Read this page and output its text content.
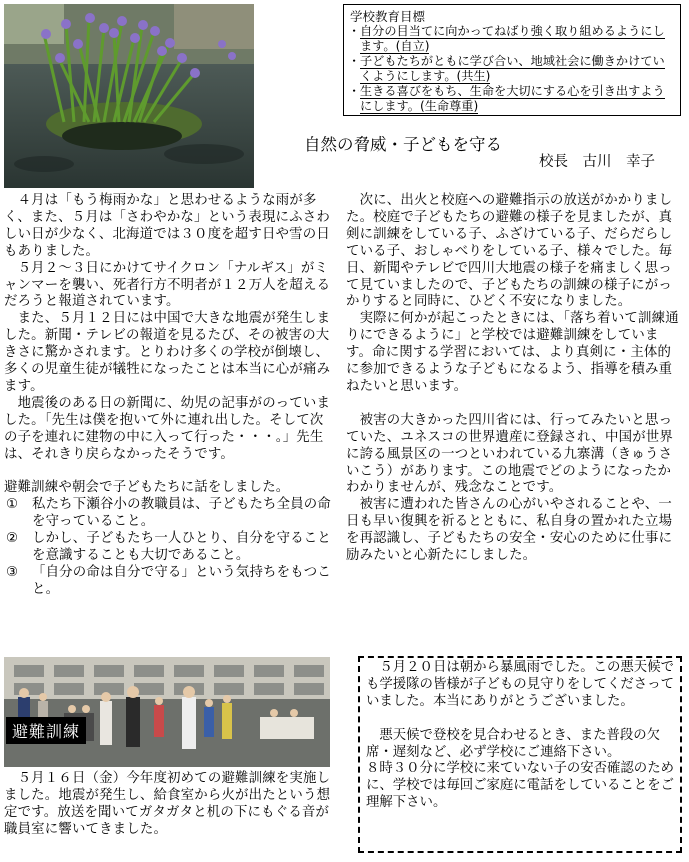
学校教育目標
・ 自分の目当てに向かってねばり強く取り組めるようにします。(自立)
・ 子どもたちがともに学び合い、地域社会に働きかけていくようにします。(共生)
・ 生きる喜びをもち、生命を大切にする心を引き出すようにします。(生命尊重)
自然の脅威・子どもを守る
校長　古川　幸子

　４月は「もう梅雨かな」と思わせるような雨が多く、また、５月は「さわやかな」という表現にふさわしい日が少なく、北海道では３０度を超す日や雪の日もありました。

　５月２～３日にかけてサイクロン「ナルギス」がミャンマーを襲い、死者行方不明者が１２万人を超えるだろうと報道されています。

　また、５月１２日には中国で大きな地震が発生しました。新聞・テレビの報道を見るたび、その被害の大きさに驚かされます。とりわけ多くの学校が倒壊し、多くの児童生徒が犠牲になったことは本当に心が痛みます。

　地震後のある日の新聞に、幼児の記事がのっていました。「先生は僕を抱いて外に連れ出した。そして次の子を連れに建物の中に入って行った・・・。」先生は、それきり戻らなかったそうです。

避難訓練や朝会で子どもたちに話をしました。

① 私たち下瀬谷小の教職員は、子どもたち全員の命を守っていること。
② しかし、子どもたち一人ひとり、自分を守ることを意識することも大切であること。
③ 「自分の命は自分で守る」という気持ちをもつこと。
避難訓練

　５月１６日（金）今年度初めての避難訓練を実施しました。地震が発生し、給食室から火が出たという想定です。放送を聞いてガタガタと机の下にもぐる音が職員室に響いてきました。

　次に、出火と校庭への避難指示の放送がかかりました。校庭で子どもたちの避難の様子を見ましたが、真剣に訓練をしている子、ふざけている子、だらだらしている子、おしゃべりをしている子、様々でした。毎日、新聞やテレビで四川大地震の様子を痛ましく思って見ていましたので、子どもたちの訓練の様子にがっかりすると同時に、ひどく不安になりました。

　実際に何かが起こったときには、「落ち着いて訓練通りにできるように」と学校では避難訓練をしています。命に関する学習においては、より真剣に・主体的に参加できるような子どもになるよう、指導を積み重ねたいと思います。

　被害の大きかった四川省には、行ってみたいと思っていた、ユネスコの世界遺産に登録され、中国が世界に誇る風景区の一つといわれている九寨溝（きゅうさいこう）があります。この地震でどのようになったかわかりませんが、残念なことです。

　被害に遭われた皆さんの心がいやされることや、一日も早い復興を祈るとともに、私自身の置かれた立場を再認識し、子どもたちの安全・安心のために仕事に励みたいと心新たにしました。

　５月２０日は朝から暴風雨でした。この悪天候でも学援隊の皆様が子どもの見守りをしてくださっていました。本当にありがとうございました。

　悪天候で登校を見合わせるとき、また普段の欠席・遅刻など、必ず学校にご連絡下さい。

８時３０分に学校に来ていない子の安否確認のために、学校では毎回ご家庭に電話をしていることをご理解下さい。
